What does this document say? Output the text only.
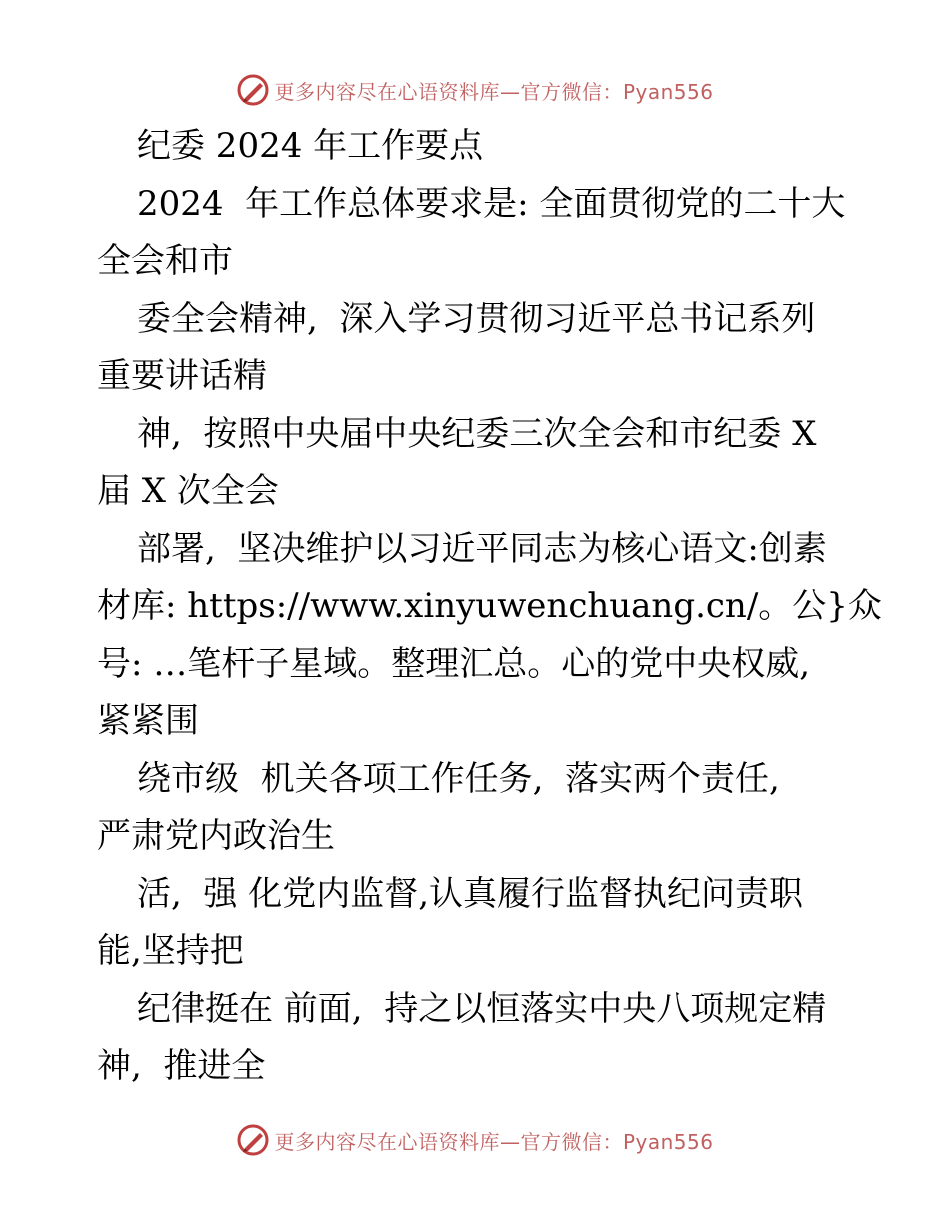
更多内容尽在心语资料库—官方微信：Pyan556
纪委 2024 年工作要点
2024  年工作总体要求是: 全面贯彻党的二十大
全会和市
委全会精神,  深入学习贯彻习近平总书记系列
重要讲话精
神,  按照中央届中央纪委三次全会和市纪委 X
届 X 次全会
部署,  坚决维护以习近平同志为核心语文:创素
材库: https://www.xinyuwenchuang.cn/。公}众
号: …笔杆子星域。整理汇总。心的党中央权威,
紧紧围
绕市级  机关各项工作任务,  落实两个责任,
严肃党内政治生
活,  强 化党内监督,认真履行监督执纪问责职
能,坚持把
纪律挺在 前面,  持之以恒落实中央八项规定精
神,  推进全
更多内容尽在心语资料库—官方微信：Pyan556
